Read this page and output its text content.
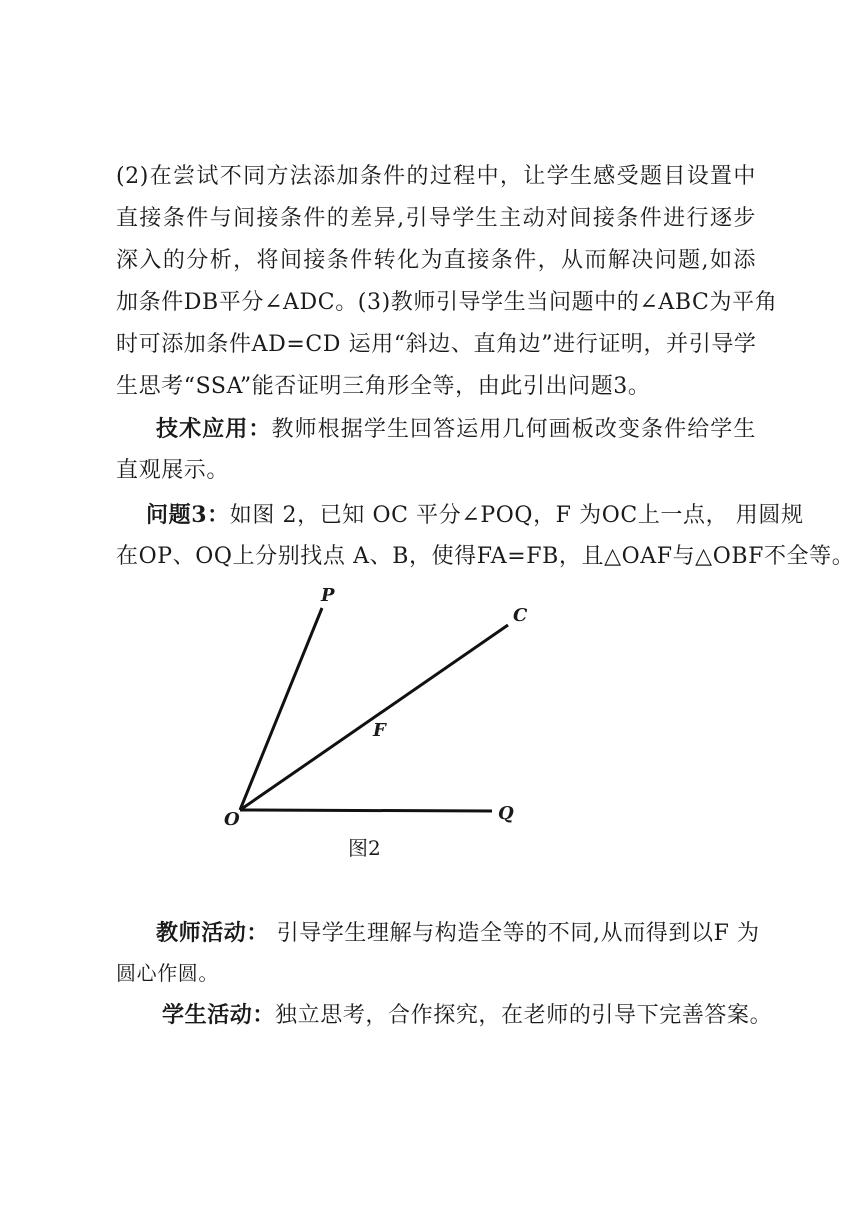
(2)在尝试不同方法添加条件的过程中，让学生感受题目设置中
直接条件与间接条件的差异,引导学生主动对间接条件进行逐步
深入的分析，将间接条件转化为直接条件，从而解决问题,如添
加条件DB平分∠ADC。(3)教师引导学生当问题中的∠ABC为平角
时可添加条件AD=CD 运用“斜边、直角边”进行证明，并引导学
生思考“SSA”能否证明三角形全等，由此引出问题3。
技术应用：教师根据学生回答运用几何画板改变条件给学生
直观展示。
问题3：如图 2，已知 OC 平分∠POQ，F 为OC上一点， 用圆规
在OP、OQ上分别找点 A、B，使得FA=FB，且△OAF与△OBF不全等。
P
C
F
O	Q
图2
教师活动： 引导学生理解与构造全等的不同,从而得到以F 为
圆心作圆。
学生活动：独立思考，合作探究，在老师的引导下完善答案。
